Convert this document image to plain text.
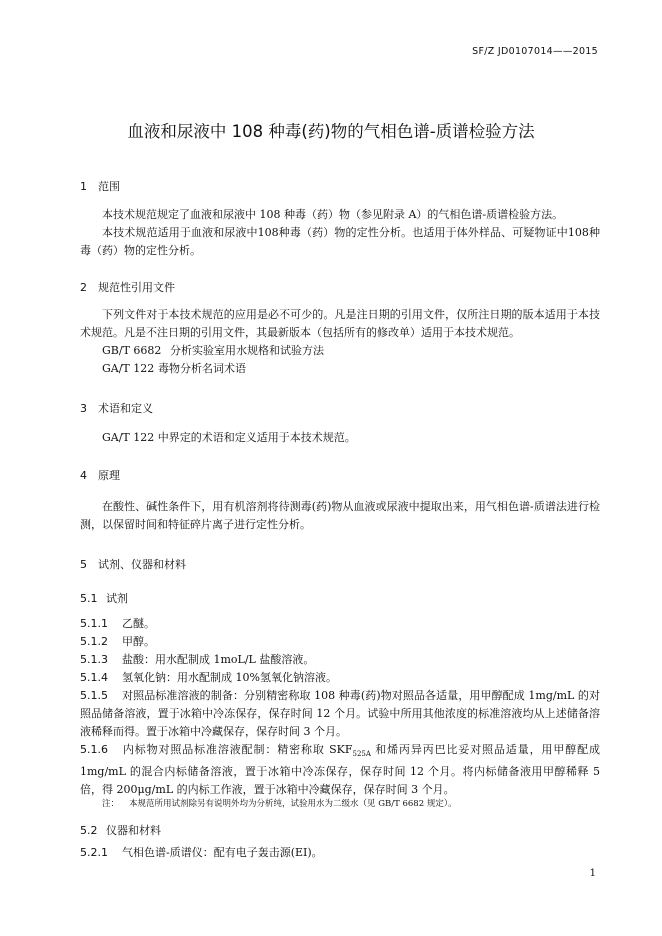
SF/Z JD0107014——2015
血液和尿液中 108 种毒(药)物的气相色谱-质谱检验方法
1 范围
本技术规范规定了血液和尿液中 108 种毒（药）物（参见附录 A）的气相色谱-质谱检验方法。
本技术规范适用于血液和尿液中108种毒（药）物的定性分析。也适用于体外样品、可疑物证中108种毒（药）物的定性分析。
2 规范性引用文件
下列文件对于本技术规范的应用是必不可少的。凡是注日期的引用文件，仅所注日期的版本适用于本技术规范。凡是不注日期的引用文件，其最新版本（包括所有的修改单）适用于本技术规范。
GB/T 6682 分析实验室用水规格和试验方法
GA/T 122 毒物分析名词术语
3 术语和定义
GA/T 122 中界定的术语和定义适用于本技术规范。
4 原理
在酸性、碱性条件下，用有机溶剂将待测毒(药)物从血液或尿液中提取出来，用气相色谱-质谱法进行检测，以保留时间和特征碎片离子进行定性分析。
5 试剂、仪器和材料
5.1 试剂
5.1.1 乙醚。
5.1.2 甲醇。
5.1.3 盐酸：用水配制成 1moL/L 盐酸溶液。
5.1.4 氢氧化钠：用水配制成 10%氢氧化钠溶液。
5.1.5 对照品标准溶液的制备：分别精密称取 108 种毒(药)物对照品各适量，用甲醇配成 1mg/mL 的对照品储备溶液，置于冰箱中冷冻保存，保存时间 12 个月。试验中所用其他浓度的标准溶液均从上述储备溶液稀释而得。置于冰箱中冷藏保存，保存时间 3 个月。
5.1.6 内标物对照品标准溶液配制：精密称取 $SKF_{525A}$ 和烯丙异丙巴比妥对照品适量，用甲醇配成 1mg/mL 的混合内标储备溶液，置于冰箱中冷冻保存，保存时间 12 个月。将内标储备液用甲醇稀释 5 倍，得 200μg/mL 的内标工作液，置于冰箱中冷藏保存，保存时间 3 个月。
注： 本规范所用试剂除另有说明外均为分析纯，试验用水为二级水（见 GB/T 6682 规定）。
5.2 仪器和材料
5.2.1 气相色谱-质谱仪：配有电子轰击源(EI)。
1
